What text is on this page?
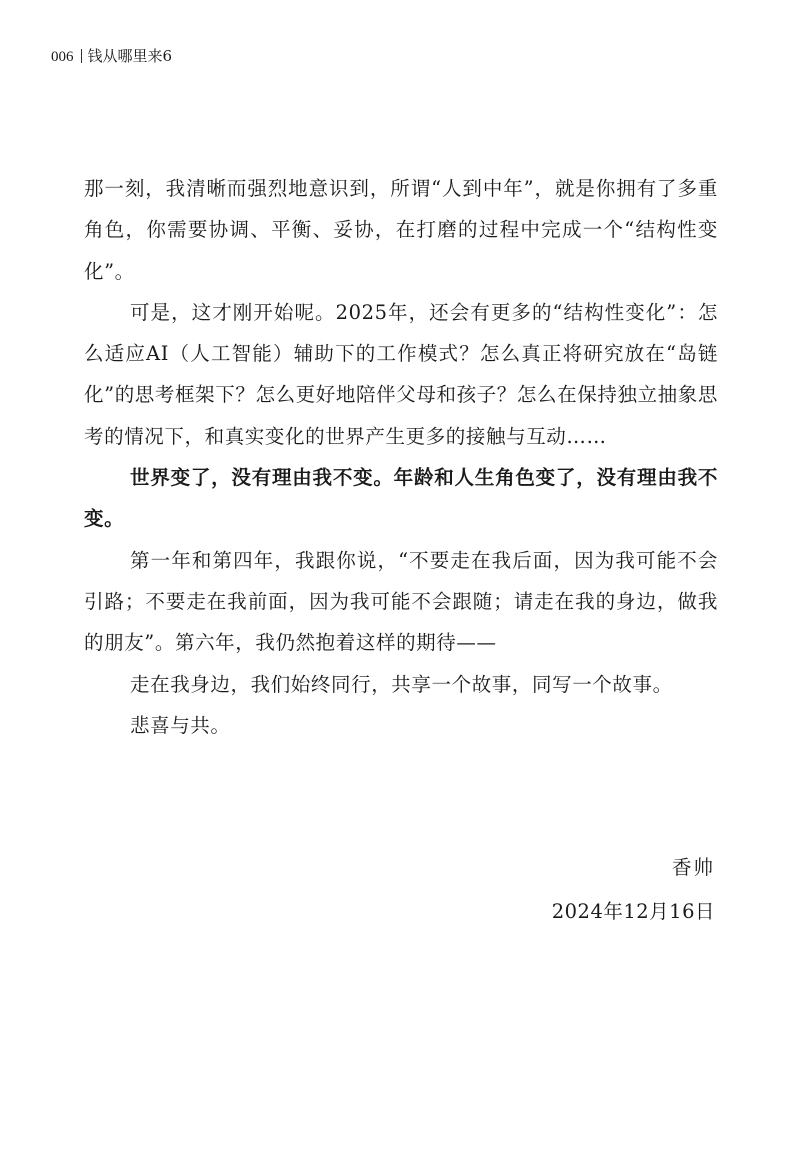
006 钱从哪里来6

那一刻，我清晰而强烈地意识到，所谓“人到中年”，就是你拥有了多重角色，你需要协调、平衡、妥协，在打磨的过程中完成一个“结构性变化”。

可是，这才刚开始呢。2025年，还会有更多的“结构性变化”：怎么适应AI（人工智能）辅助下的工作模式？怎么真正将研究放在“岛链化”的思考框架下？怎么更好地陪伴父母和孩子？怎么在保持独立抽象思考的情况下，和真实变化的世界产生更多的接触与互动……

世界变了，没有理由我不变。年龄和人生角色变了，没有理由我不变。

第一年和第四年，我跟你说，“不要走在我后面，因为我可能不会引路；不要走在我前面，因为我可能不会跟随；请走在我的身边，做我的朋友”。第六年，我仍然抱着这样的期待——

走在我身边，我们始终同行，共享一个故事，同写一个故事。

悲喜与共。

香帅
2024年12月16日
